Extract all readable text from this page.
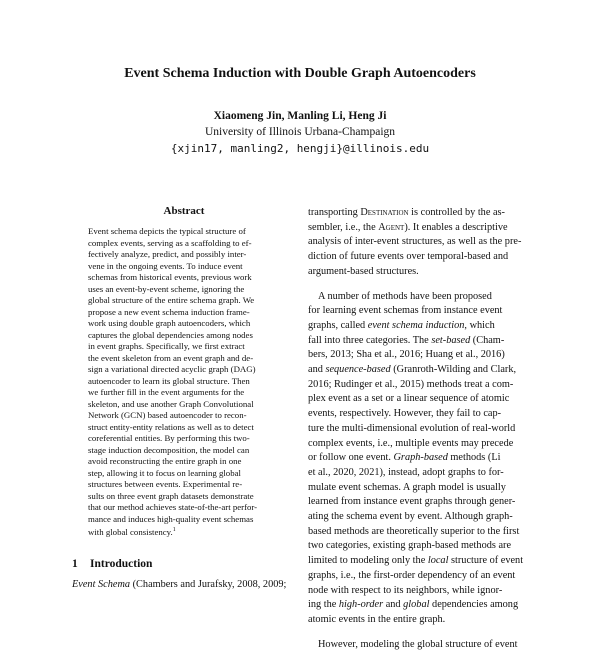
Event Schema Induction with Double Graph Autoencoders
Xiaomeng Jin, Manling Li, Heng Ji
University of Illinois Urbana-Champaign
{xjin17, manling2, hengji}@illinois.edu
Abstract
Event schema depicts the typical structure of
complex events, serving as a scaffolding to ef-
fectively analyze, predict, and possibly inter-
vene in the ongoing events. To induce event
schemas from historical events, previous work
uses an event-by-event scheme, ignoring the
global structure of the entire schema graph. We
propose a new event schema induction frame-
work using double graph autoencoders, which
captures the global dependencies among nodes
in event graphs. Specifically, we first extract
the event skeleton from an event graph and de-
sign a variational directed acyclic graph (DAG)
autoencoder to learn its global structure. Then
we further fill in the event arguments for the
skeleton, and use another Graph Convolutional
Network (GCN) based autoencoder to recon-
struct entity-entity relations as well as to detect
coreferential entities. By performing this two-
stage induction decomposition, the model can
avoid reconstructing the entire graph in one
step, allowing it to focus on learning global
structures between events. Experimental re-
sults on three event graph datasets demonstrate
that our method achieves state-of-the-art perfor-
mance and induces high-quality event schemas
with global consistency.$^1$
1 Introduction
Event Schema (Chambers and Jurafsky, 2008, 2009;
transporting Destination is controlled by the as-
sembler, i.e., the Agent). It enables a descriptive
analysis of inter-event structures, as well as the pre-
diction of future events over temporal-based and
argument-based structures.
A number of methods have been proposed
for learning event schemas from instance event
graphs, called event schema induction, which
fall into three categories. The set-based (Cham-
bers, 2013; Sha et al., 2016; Huang et al., 2016)
and sequence-based (Granroth-Wilding and Clark,
2016; Rudinger et al., 2015) methods treat a com-
plex event as a set or a linear sequence of atomic
events, respectively. However, they fail to cap-
ture the multi-dimensional evolution of real-world
complex events, i.e., multiple events may precede
or follow one event. Graph-based methods (Li
et al., 2020, 2021), instead, adopt graphs to for-
mulate event schemas. A graph model is usually
learned from instance event graphs through gener-
ating the schema event by event. Although graph-
based methods are theoretically superior to the first
two categories, existing graph-based methods are
limited to modeling only the local structure of event
graphs, i.e., the first-order dependency of an event
node with respect to its neighbors, while ignor-
ing the high-order and global dependencies among
atomic events in the entire graph.
However, modeling the global structure of event
